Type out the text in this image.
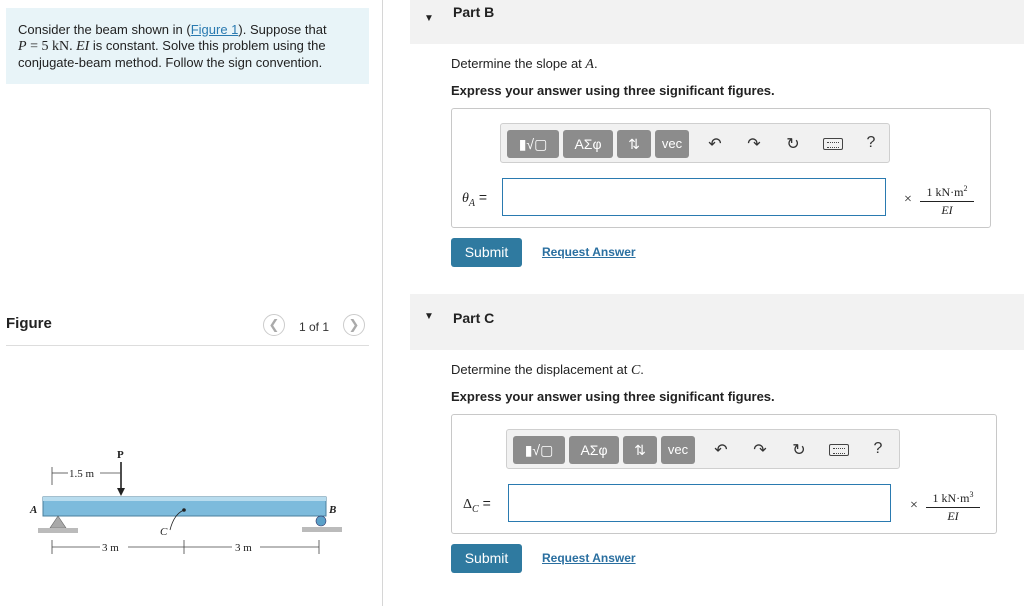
Consider the beam shown in (Figure 1). Suppose that
P = 5 kN. EI is constant. Solve this problem using the
conjugate-beam method. Follow the sign convention.
Figure	❮	1 of 1	❯
P
1.5 m
A	B
C
3 m	3 m
▼ Part B
Determine the slope at A.
Express your answer using three significant figures.
▮√▢	ΑΣφ	⇅	vec	↶ ↷ ↻	?
$\theta_A$ =	× $\frac{1 kN\cdot m^2}{EI}$
Submit	Request Answer
▼ Part C
Determine the displacement at C.
Express your answer using three significant figures.
▮√▢	ΑΣφ	⇅	vec	↶ ↷ ↻	?
$\Delta_C$ =	× $\frac{1 kN\cdot m^3}{EI}$
Submit	Request Answer
